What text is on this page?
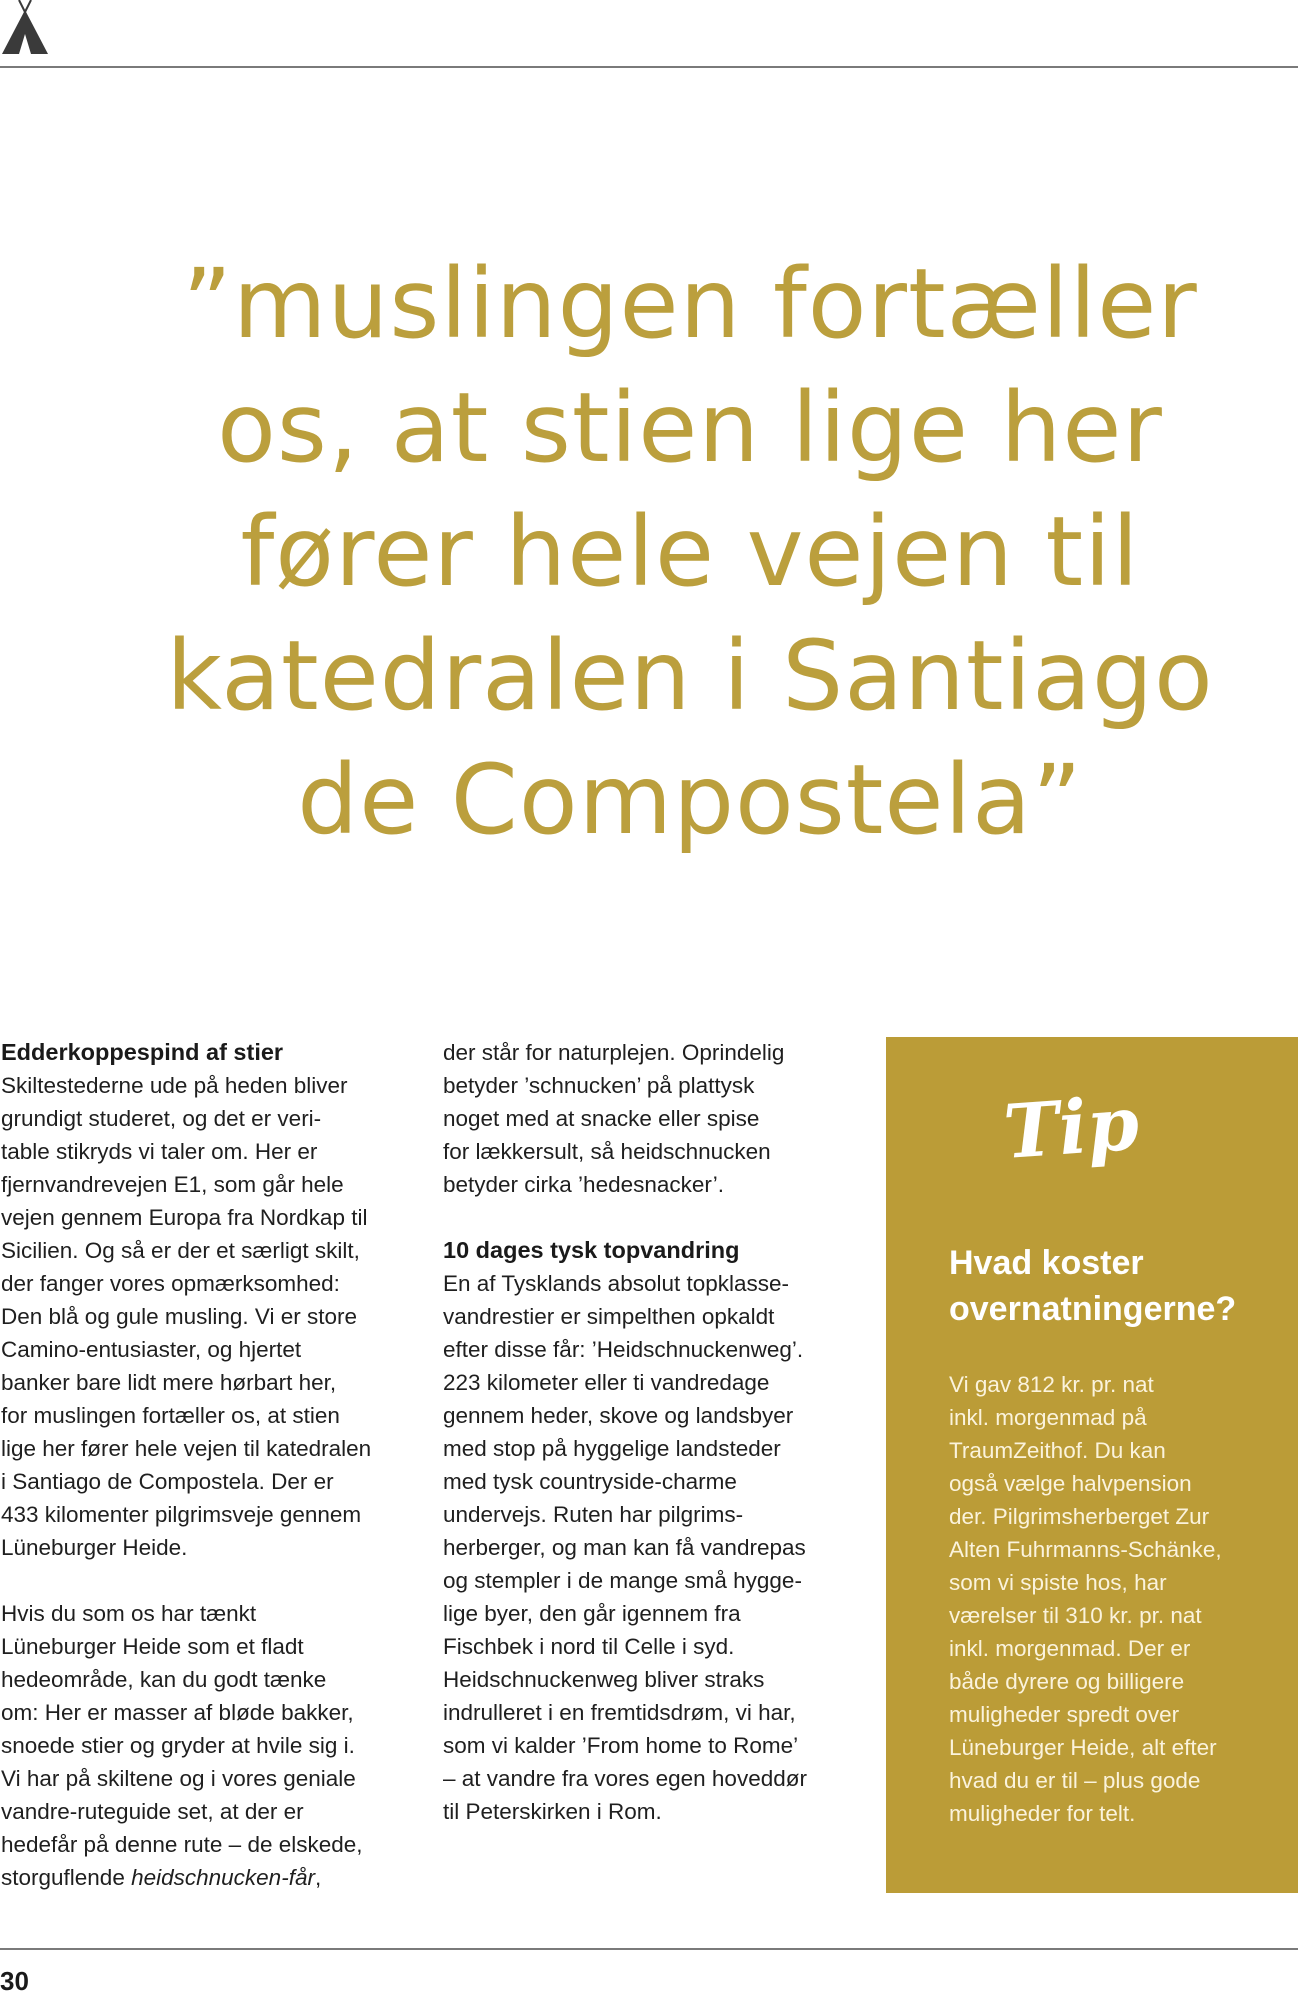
”muslingen fortæller
os, at stien lige her
fører hele vejen til
katedralen i Santiago
de Compostela”
Edderkoppespind af stier

Skiltestederne ude på heden bliver
grundigt studeret, og det er veri-
table stikryds vi taler om. Her er
fjernvandrevejen E1, som går hele
vejen gennem Europa fra Nordkap til
Sicilien. Og så er der et særligt skilt,
der fanger vores opmærksomhed:
Den blå og gule musling. Vi er store
Camino-entusiaster, og hjertet
banker bare lidt mere hørbart her,
for muslingen fortæller os, at stien
lige her fører hele vejen til katedralen
i Santiago de Compostela. Der er
433 kilomenter pilgrimsveje gennem
Lüneburger Heide.

Hvis du som os har tænkt
Lüneburger Heide som et fladt
hedeområde, kan du godt tænke
om: Her er masser af bløde bakker,
snoede stier og gryder at hvile sig i.
Vi har på skiltene og i vores geniale
vandre-ruteguide set, at der er
hedefår på denne rute – de elskede,
storguflende heidschnucken-får,

der står for naturplejen. Oprindelig
betyder ’schnucken’ på plattysk
noget med at snacke eller spise
for lækkersult, så heidschnucken
betyder cirka ’hedesnacker’.

10 dages tysk topvandring

En af Tysklands absolut topklasse-
vandrestier er simpelthen opkaldt
efter disse får: ’Heidschnuckenweg’.
223 kilometer eller ti vandredage
gennem heder, skove og landsbyer
med stop på hyggelige landsteder
med tysk countryside-charme
undervejs. Ruten har pilgrims-
herberger, og man kan få vandrepas
og stempler i de mange små hygge-
lige byer, den går igennem fra
Fischbek i nord til Celle i syd.
Heidschnuckenweg bliver straks
indrulleret i en fremtidsdrøm, vi har,
som vi kalder ’From home to Rome’
– at vandre fra vores egen hoveddør
til Peterskirken i Rom.

Tip
Hvad koster
overnatningerne?

Vi gav 812 kr. pr. nat
inkl. morgenmad på
TraumZeithof. Du kan
også vælge halvpension
der. Pilgrimsherberget Zur
Alten Fuhrmanns-Schänke,
som vi spiste hos, har
værelser til 310 kr. pr. nat
inkl. morgenmad. Der er
både dyrere og billigere
muligheder spredt over
Lüneburger Heide, alt efter
hvad du er til – plus gode
muligheder for telt.

30
